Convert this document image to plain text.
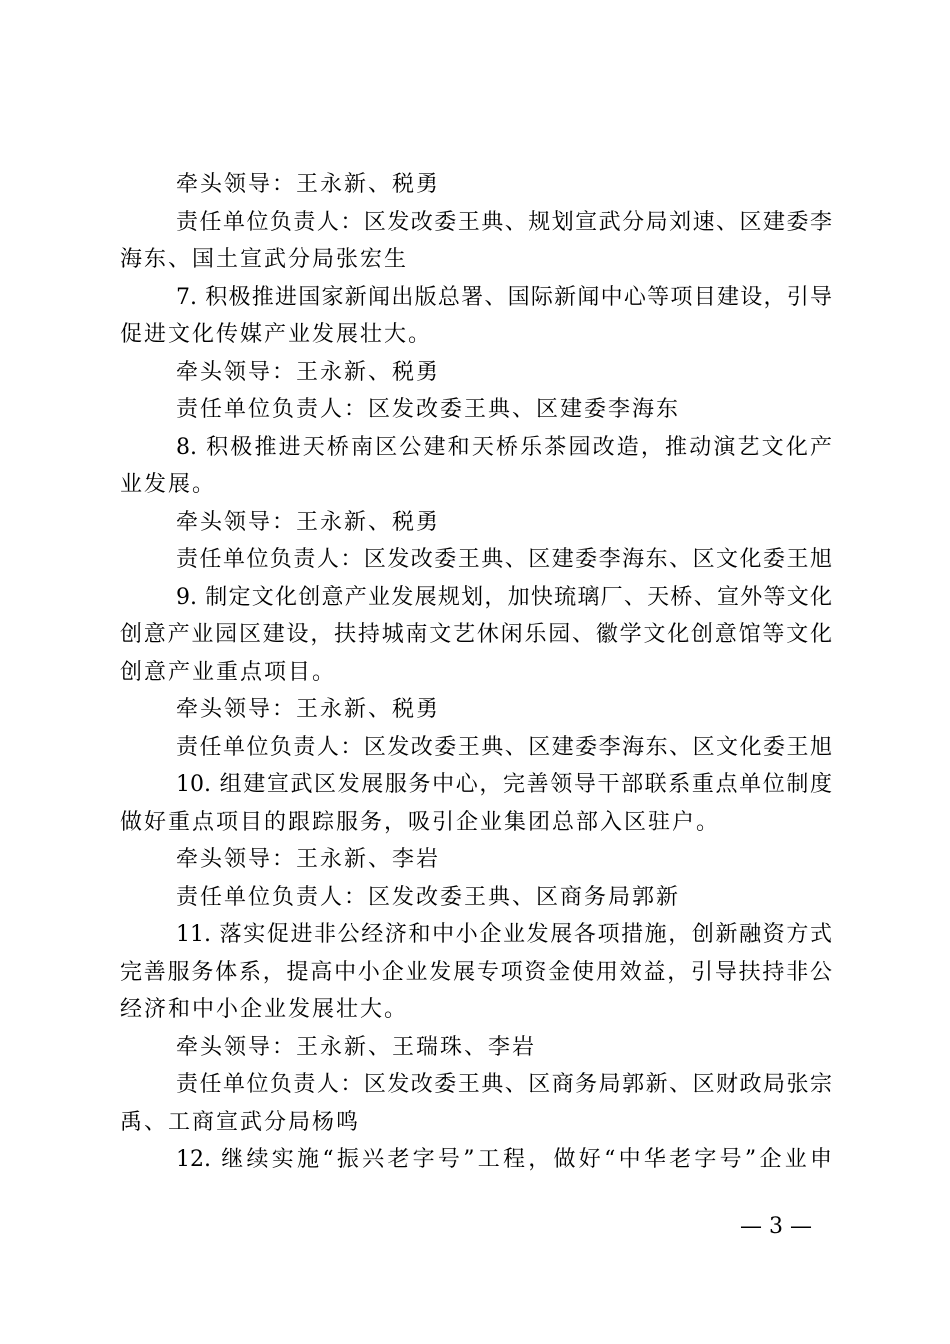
牵头领导：王永新、税勇
责任单位负责人：区发改委王典、规划宣武分局刘速、区建委李
海东、国土宣武分局张宏生
7. 积极推进国家新闻出版总署、国际新闻中心等项目建设，引导
促进文化传媒产业发展壮大。
牵头领导：王永新、税勇
责任单位负责人：区发改委王典、区建委李海东
8. 积极推进天桥南区公建和天桥乐茶园改造，推动演艺文化产
业发展。
牵头领导：王永新、税勇
责任单位负责人：区发改委王典、区建委李海东、区文化委王旭
9. 制定文化创意产业发展规划，加快琉璃厂、天桥、宣外等文化
创意产业园区建设，扶持城南文艺休闲乐园、徽学文化创意馆等文化
创意产业重点项目。
牵头领导：王永新、税勇
责任单位负责人：区发改委王典、区建委李海东、区文化委王旭
10. 组建宣武区发展服务中心，完善领导干部联系重点单位制度
做好重点项目的跟踪服务，吸引企业集团总部入区驻户。
牵头领导：王永新、李岩
责任单位负责人：区发改委王典、区商务局郭新
11. 落实促进非公经济和中小企业发展各项措施，创新融资方式
完善服务体系，提高中小企业发展专项资金使用效益，引导扶持非公
经济和中小企业发展壮大。
牵头领导：王永新、王瑞珠、李岩
责任单位负责人：区发改委王典、区商务局郭新、区财政局张宗
禹、工商宣武分局杨鸣
12. 继续实施“振兴老字号”工程，做好“中华老字号”企业申
— 3 —
